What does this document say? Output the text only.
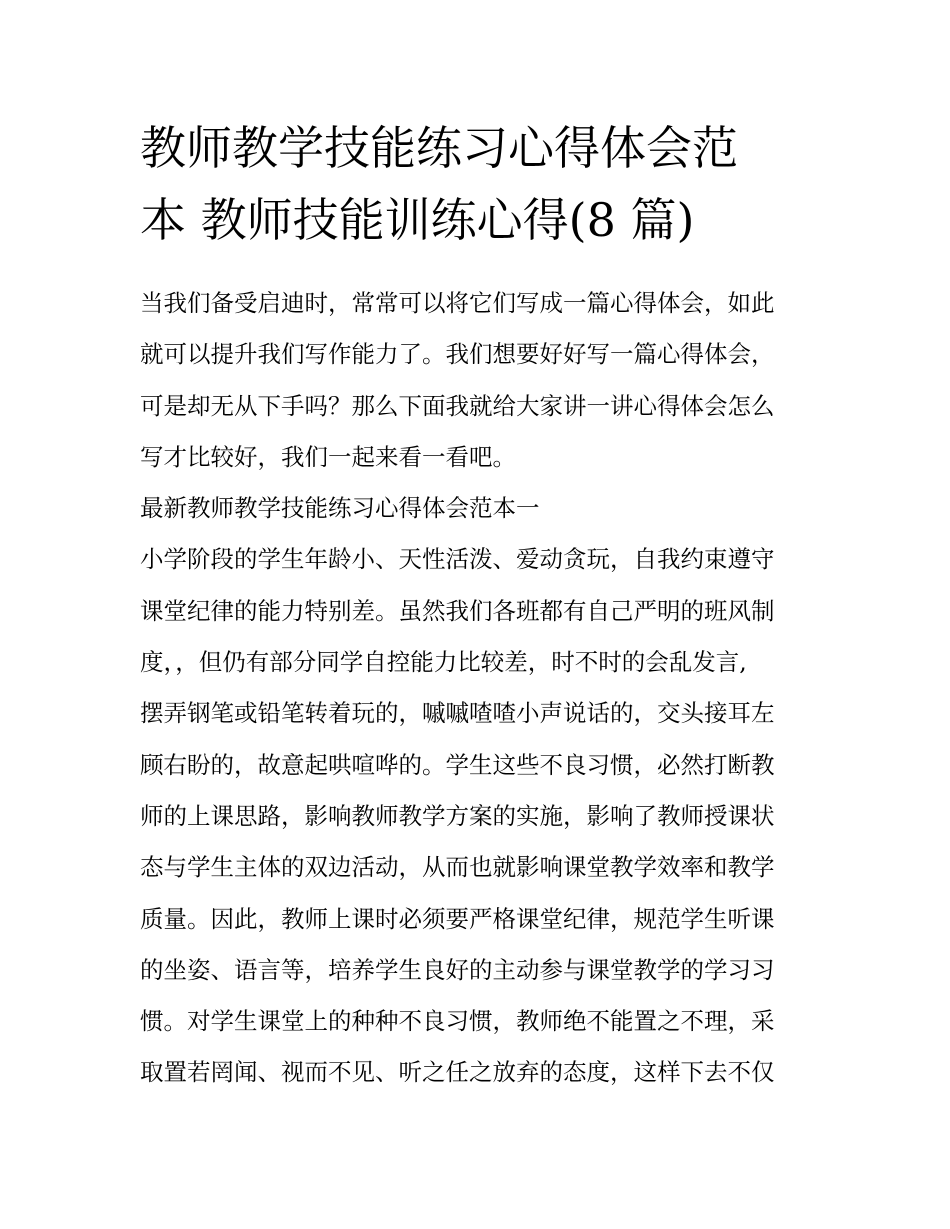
教师教学技能练习心得体会范
本 教师技能训练心得(8 篇)

当我们备受启迪时，常常可以将它们写成一篇心得体会，如此
就可以提升我们写作能力了。我们想要好好写一篇心得体会，
可是却无从下手吗？那么下面我就给大家讲一讲心得体会怎么
写才比较好，我们一起来看一看吧。

最新教师教学技能练习心得体会范本一

小学阶段的学生年龄小、天性活泼、爱动贪玩，自我约束遵守
课堂纪律的能力特别差。虽然我们各班都有自己严明的班风制
度，，但仍有部分同学自控能力比较差，时不时的会乱发言,
摆弄钢笔或铅笔转着玩的，嘁嘁喳喳小声说话的，交头接耳左
顾右盼的，故意起哄喧哗的。学生这些不良习惯，必然打断教
师的上课思路，影响教师教学方案的实施，影响了教师授课状
态与学生主体的双边活动，从而也就影响课堂教学效率和教学
质量。因此，教师上课时必须要严格课堂纪律，规范学生听课
的坐姿、语言等，培养学生良好的主动参与课堂教学的学习习
惯。对学生课堂上的种种不良习惯，教师绝不能置之不理，采
取置若罔闻、视而不见、听之任之放弃的态度，这样下去不仅
